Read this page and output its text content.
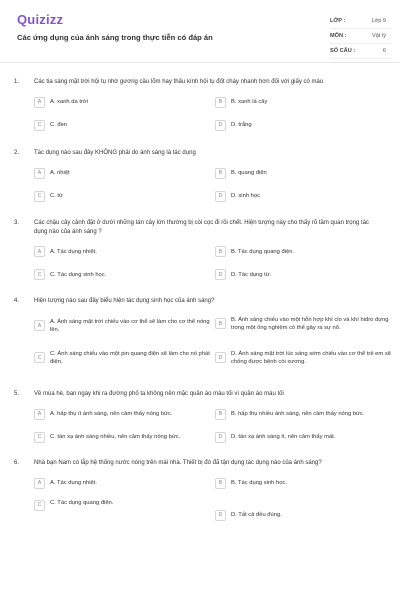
Quizizz
Các ứng dụng của ánh sáng trong thực tiễn có đáp án
LỚP :	Lớp 9
MÔN :	Vật lý
SỐ CÂU :	6
1.	Các tia sáng mặt trời hội tụ nhờ gương cầu lõm hay thấu kính hội tụ đốt cháy nhanh hơn đối với giấy có màu
A	A. xanh da trời	B	B. xanh lá cây
C	C. đen	D	D. trắng
2.	Tác dụng nào sau đây KHÔNG phải do ánh sáng là tác dụng
A	A. nhiệt	B	B. quang điện
C	C. từ	D	D. sinh học
3.	Các chậu cây cảnh đặt ở dưới những tán cây lớn thường bị còi cọc đi rồi chết. Hiện tượng này cho thấy rõ tầm quan trọng tác dụng nào của ánh sáng ?
A	A. Tác dụng nhiệt.	B	B. Tác dụng quang điện.
C	C. Tác dụng sinh học.	D	D. Tác dụng từ.
4.	Hiện tượng nào sau đây biểu hiện tác dụng sinh học của ánh sáng?
A
A. Ánh sáng mặt trời chiếu vào cơ thể sẽ làm cho cơ thể nóng lên.
B
B. Ánh sáng chiếu vào một hỗn hợp khí clo và khí hiđro đựng trong một ống nghiệm có thể gây ra sự nổ.
C
C. Ánh sáng chiếu vào một pin quang điện sẽ làm cho nó phát điện.
D
D. Ánh sáng mặt trời lúc sáng sớm chiếu vào cơ thể trẻ em sẽ chống được bệnh còi xương.
5.	Về mùa hè, ban ngày khi ra đường phố ta không nên mặc quần áo màu tối vì quần áo màu tối
A	A. hấp thụ ít ánh sáng, nên cảm thấy nóng bức.	B	B. hấp thụ nhiều ánh sáng, nên cảm thấy nóng bức.
C	C. tán xạ ánh sáng nhiều, nên cảm thấy nóng bức.	D	D. tán xạ ánh sáng ít, nên cảm thấy mát.
6.	Nhà bạn Nam có lắp hệ thống nước nóng trên mái nhà. Thiết bị đó đã tận dụng tác dụng nào của ánh sáng?
A	A. Tác dụng nhiệt.	B	B. Tác dụng sinh học.
C	C. Tác dụng quang điện.
D	D. Tất cả đều đúng.
